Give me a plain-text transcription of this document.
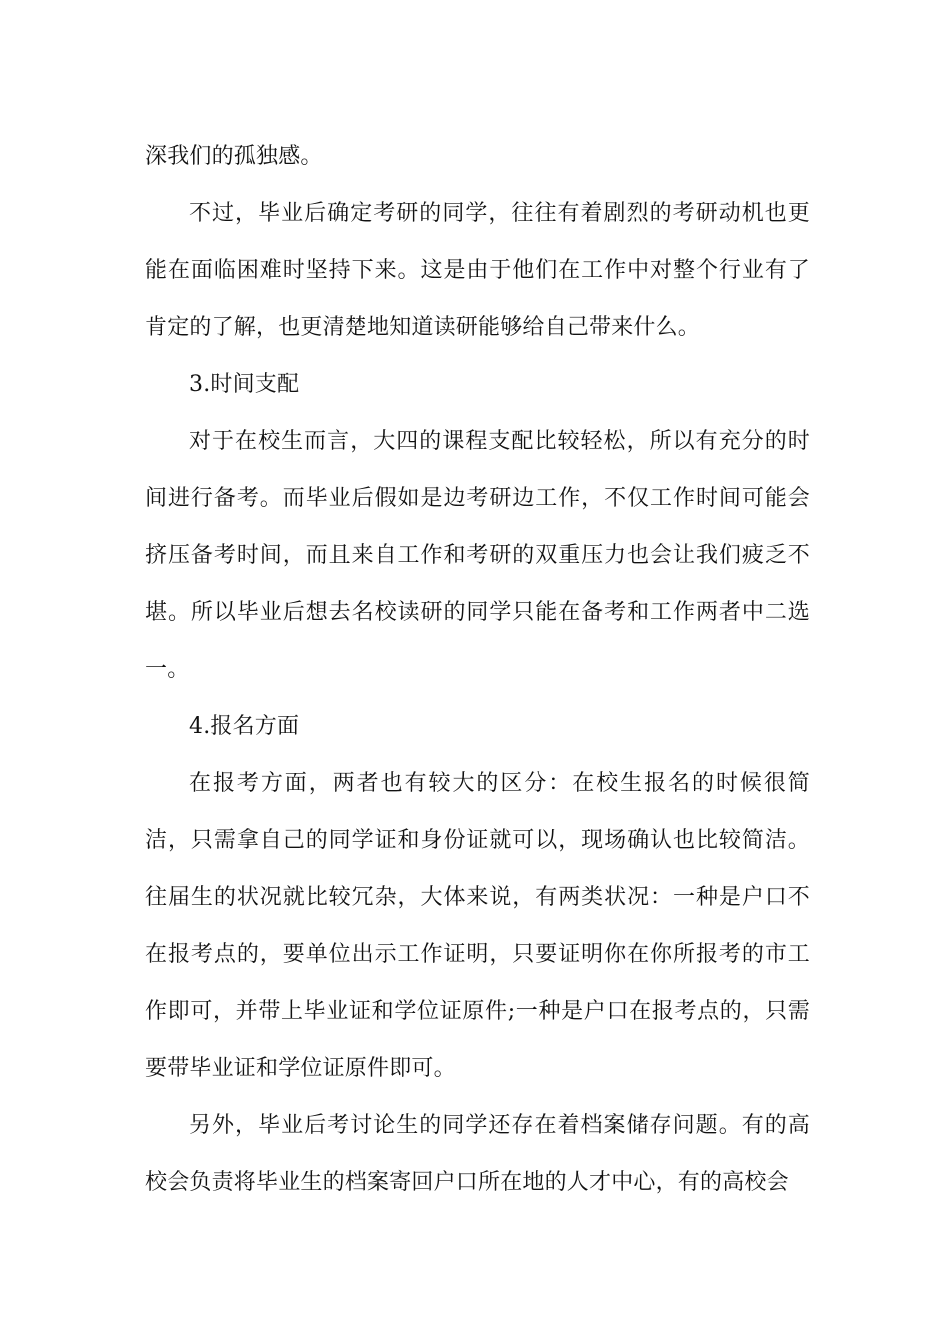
深我们的孤独感。

不过，毕业后确定考研的同学，往往有着剧烈的考研动机也更能在面临困难时坚持下来。这是由于他们在工作中对整个行业有了肯定的了解，也更清楚地知道读研能够给自己带来什么。

3.时间支配

对于在校生而言，大四的课程支配比较轻松，所以有充分的时间进行备考。而毕业后假如是边考研边工作，不仅工作时间可能会挤压备考时间，而且来自工作和考研的双重压力也会让我们疲乏不堪。所以毕业后想去名校读研的同学只能在备考和工作两者中二选一。

4.报名方面

在报考方面，两者也有较大的区分：在校生报名的时候很简洁，只需拿自己的同学证和身份证就可以，现场确认也比较简洁。往届生的状况就比较冗杂，大体来说，有两类状况：一种是户口不在报考点的，要单位出示工作证明，只要证明你在你所报考的市工作即可，并带上毕业证和学位证原件;一种是户口在报考点的，只需要带毕业证和学位证原件即可。

另外，毕业后考讨论生的同学还存在着档案储存问题。有的高校会负责将毕业生的档案寄回户口所在地的人才中心，有的高校会
